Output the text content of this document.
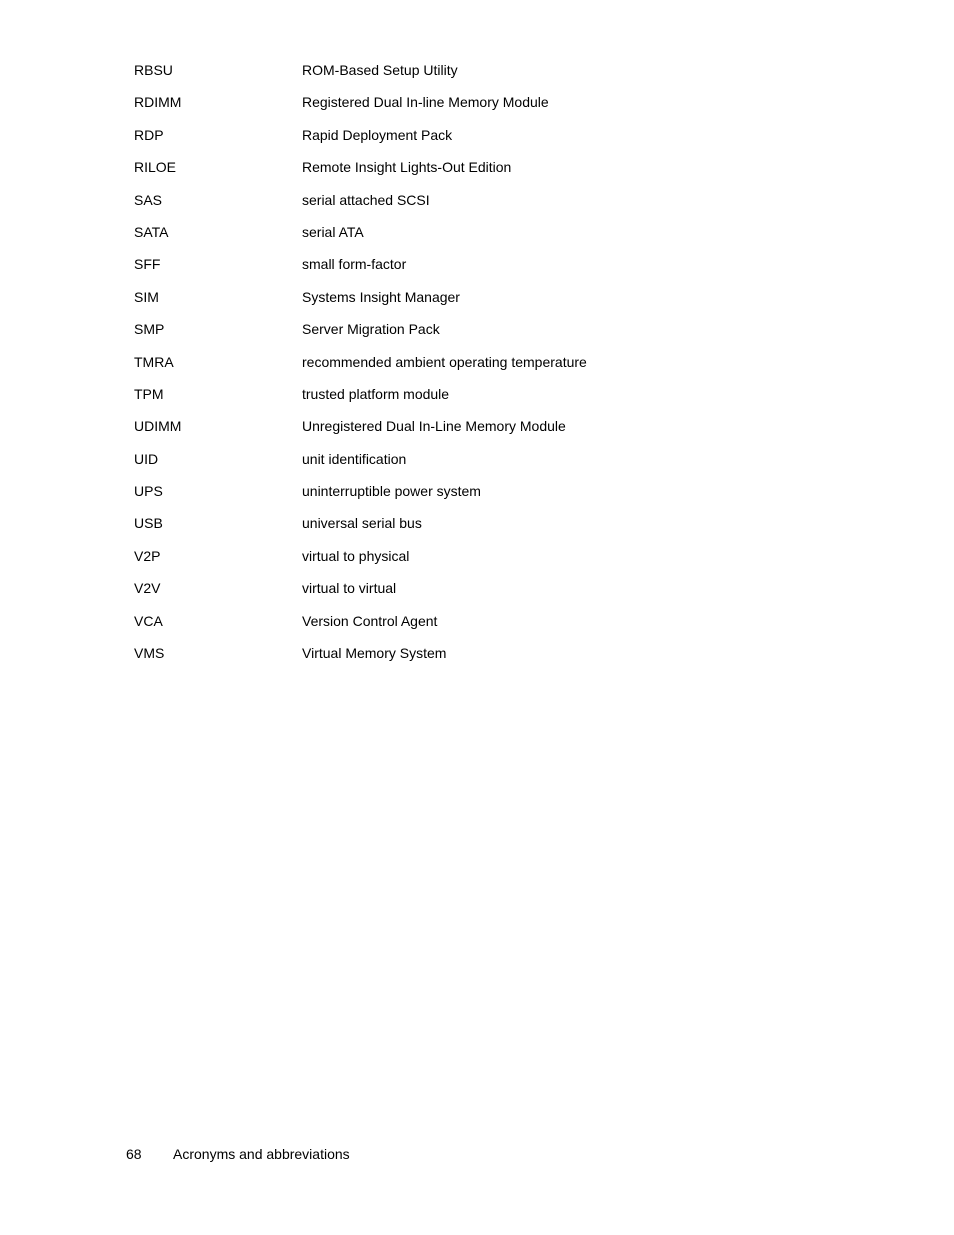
RBSU	ROM-Based Setup Utility
RDIMM	Registered Dual In-line Memory Module
RDP	Rapid Deployment Pack
RILOE	Remote Insight Lights-Out Edition
SAS	serial attached SCSI
SATA	serial ATA
SFF	small form-factor
SIM	Systems Insight Manager
SMP	Server Migration Pack
TMRA	recommended ambient operating temperature
TPM	trusted platform module
UDIMM	Unregistered Dual In-Line Memory Module
UID	unit identification
UPS	uninterruptible power system
USB	universal serial bus
V2P	virtual to physical
V2V	virtual to virtual
VCA	Version Control Agent
VMS	Virtual Memory System
68	Acronyms and abbreviations
